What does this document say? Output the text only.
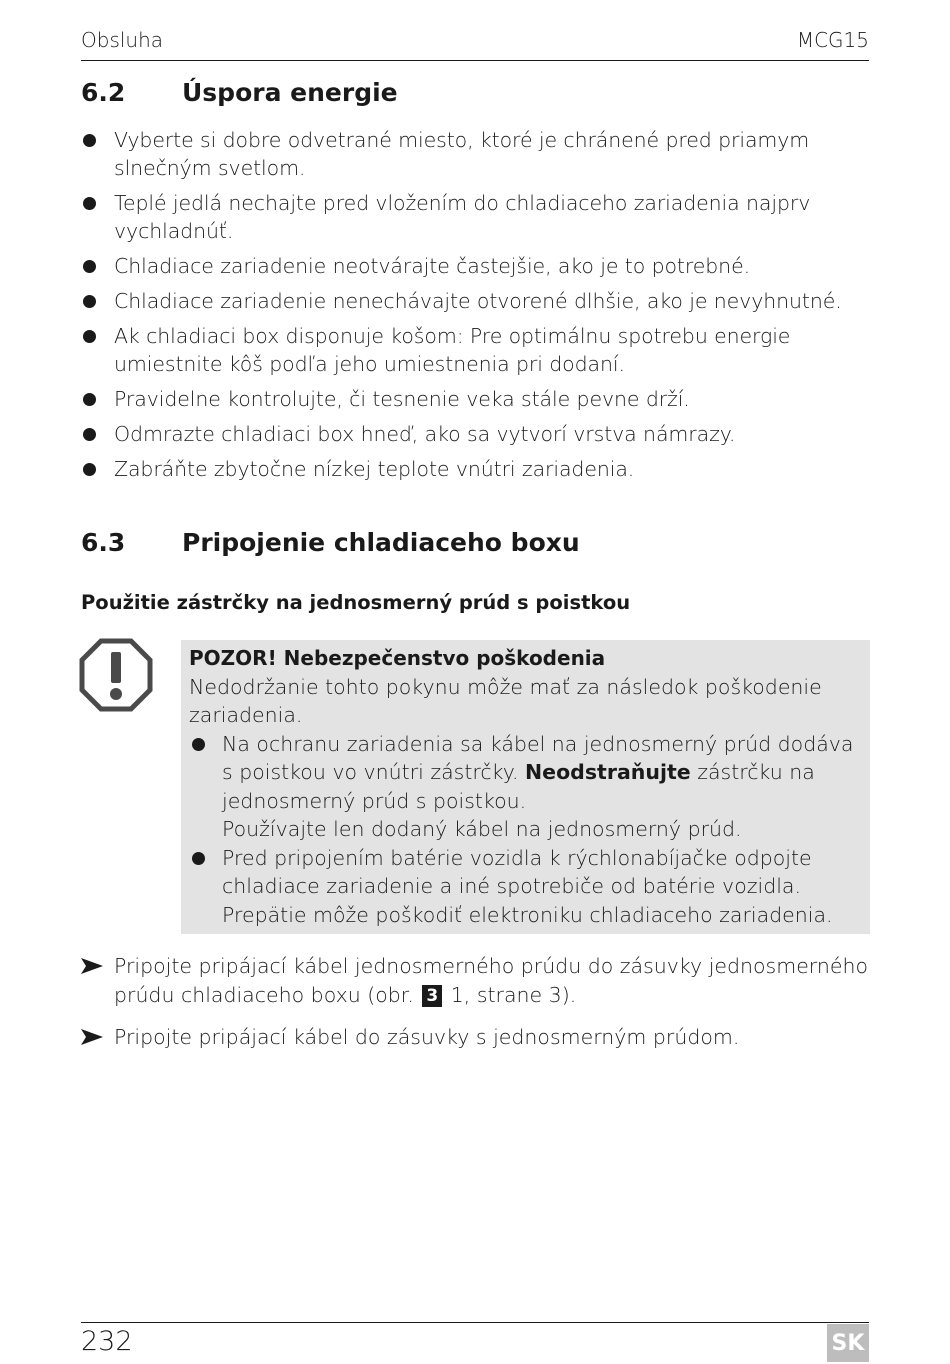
Obsluha	MCG15
6.2 Úspora energie
Vyberte si dobre odvetrané miesto, ktoré je chránené pred priamym slnečným svetlom.
Teplé jedlá nechajte pred vložením do chladiaceho zariadenia najprv vychladnúť.
Chladiace zariadenie neotvárajte častejšie, ako je to potrebné.
Chladiace zariadenie nenechávajte otvorené dlhšie, ako je nevyhnutné.
Ak chladiaci box disponuje košom: Pre optimálnu spotrebu energie umiestnite kôš podľa jeho umiestnenia pri dodaní.
Pravidelne kontrolujte, či tesnenie veka stále pevne drží.
Odmrazte chladiaci box hneď, ako sa vytvorí vrstva námrazy.
Zabráňte zbytočne nízkej teplote vnútri zariadenia.
6.3 Pripojenie chladiaceho boxu
Použitie zástrčky na jednosmerný prúd s poistkou
POZOR! Nebezpečenstvo poškodenia
Nedodržanie tohto pokynu môže mať za následok poškodenie zariadenia.
Na ochranu zariadenia sa kábel na jednosmerný prúd dodáva s poistkou vo vnútri zástrčky. Neodstraňujte zástrčku na jednosmerný prúd s poistkou.
Používajte len dodaný kábel na jednosmerný prúd.
Pred pripojením batérie vozidla k rýchlonabíjačke odpojte chladiace zariadenie a iné spotrebiče od batérie vozidla. Prepätie môže poškodiť elektroniku chladiaceho zariadenia.
Pripojte pripájací kábel jednosmerného prúdu do zásuvky jednosmerného prúdu chladiaceho boxu (obr. 3 1, strane 3).
Pripojte pripájací kábel do zásuvky s jednosmerným prúdom.
232	SK
